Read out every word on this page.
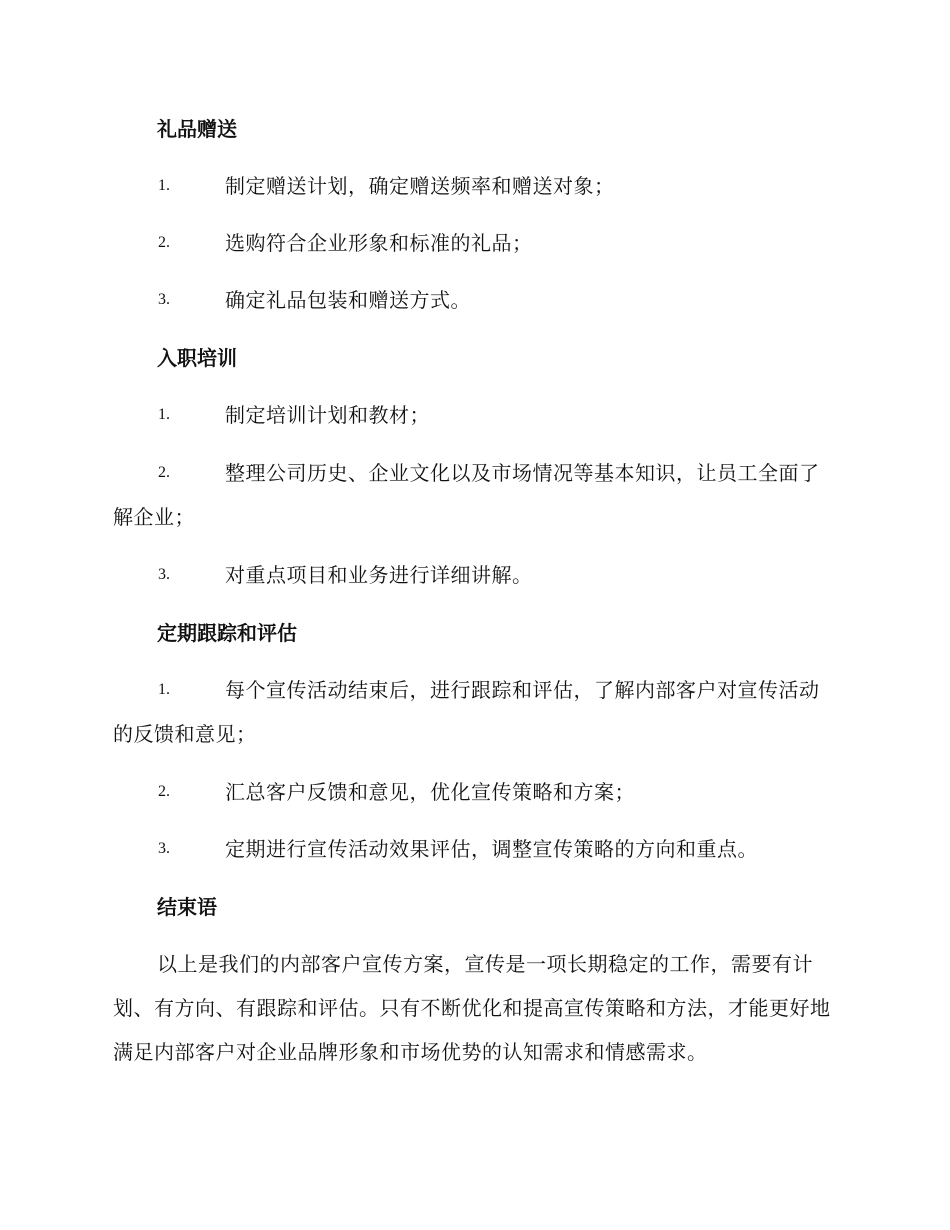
礼品赠送
1.	制定赠送计划，确定赠送频率和赠送对象；
2.	选购符合企业形象和标准的礼品；
3.	确定礼品包装和赠送方式。
入职培训
1.	制定培训计划和教材；
2.	整理公司历史、企业文化以及市场情况等基本知识，让员工全面了解企业；
3.	对重点项目和业务进行详细讲解。
定期跟踪和评估
1.	每个宣传活动结束后，进行跟踪和评估，了解内部客户对宣传活动的反馈和意见；
2.	汇总客户反馈和意见，优化宣传策略和方案；
3.	定期进行宣传活动效果评估，调整宣传策略的方向和重点。
结束语
以上是我们的内部客户宣传方案，宣传是一项长期稳定的工作，需要有计划、有方向、有跟踪和评估。只有不断优化和提高宣传策略和方法，才能更好地满足内部客户对企业品牌形象和市场优势的认知需求和情感需求。
